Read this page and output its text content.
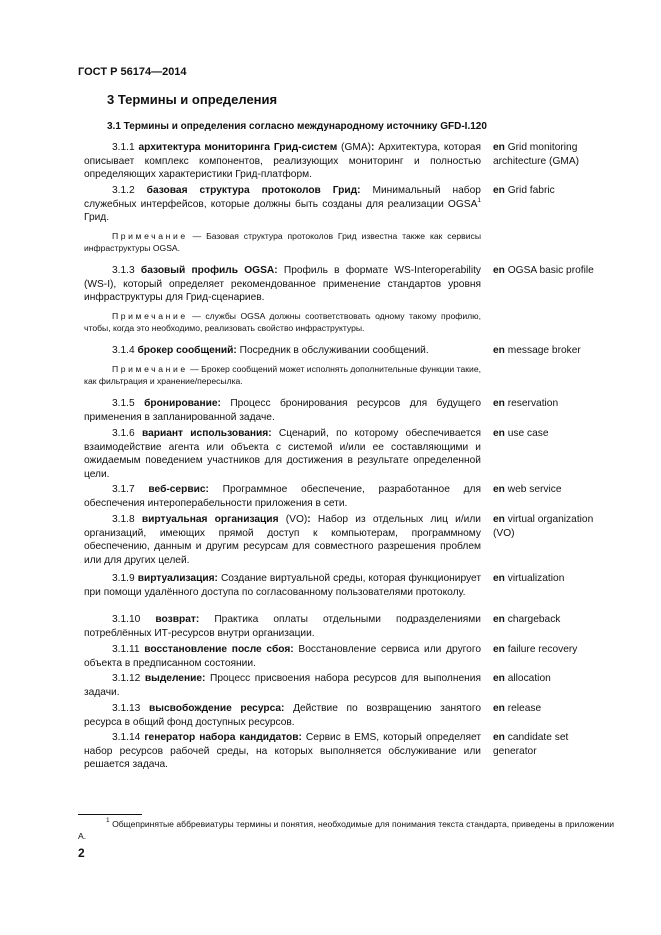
ГОСТ Р 56174—2014
3 Термины и определения
3.1 Термины и определения согласно международному источнику GFD-I.120
3.1.1 архитектура мониторинга Грид-систем (GMA): Архитектура, которая описывает комплекс компонентов, реализующих мониторинг и полностью определяющих характеристики Грид-платформ.
en Grid monitoring architecture (GMA)
3.1.2 базовая структура протоколов Грид: Минимальный набор служебных интерфейсов, которые должны быть созданы для реализации OGSA$^1$ Грид.
en Grid fabric
Примечание — Базовая структура протоколов Грид известна также как сервисы инфраструктуры OGSA.
3.1.3 базовый профиль OGSA: Профиль в формате WS-Interoperability (WS-I), который определяет рекомендованное применение стандартов уровня инфраструктуры для Грид-сценариев.
en OGSA basic profile
Примечание — службы OGSA должны соответствовать одному такому профилю, чтобы, когда это необходимо, реализовать свойство инфраструктуры.
3.1.4 брокер сообщений: Посредник в обслуживании сообщений.	en message broker
Примечание — Брокер сообщений может исполнять дополнительные функции такие, как фильтрация и хранение/пересылка.
3.1.5 бронирование: Процесс бронирования ресурсов для будущего применения в запланированной задаче.
en reservation
3.1.6 вариант использования: Сценарий, по которому обеспечивается взаимодействие агента или объекта с системой и/или ее составляющими и ожидаемым поведением участников для достижения в результате определенной цели.
en use case
3.1.7 веб-сервис: Программное обеспечение, разработанное для обеспечения интероперабельности приложения в сети.
en web service
3.1.8 виртуальная организация (VO): Набор из отдельных лиц и/или организаций, имеющих прямой доступ к компьютерам, программному обеспечению, данным и другим ресурсам для совместного разрешения проблем или для других целей.
en virtual organization (VO)
3.1.9 виртуализация: Создание виртуальной среды, которая функционирует при помощи удалённого доступа по согласованному пользователями протоколу.
en virtualization
3.1.10 возврат: Практика оплаты отдельными подразделениями потреблённых ИТ-ресурсов внутри организации.
en chargeback
3.1.11 восстановление после сбоя: Восстановление сервиса или другого объекта в предписанном состоянии.
en failure recovery
3.1.12 выделение: Процесс присвоения набора ресурсов для выполнения задачи.
en allocation
3.1.13 высвобождение ресурса: Действие по возвращению занятого ресурса в общий фонд доступных ресурсов.
en release
3.1.14 генератор набора кандидатов: Сервис в EMS, который определяет набор ресурсов рабочей среды, на которых выполняется обслуживание или решается задача.
en candidate set generator
$^1$ Общепринятые аббревиатуры термины и понятия, необходимые для понимания текста стандарта, приведены в приложении А.
2
